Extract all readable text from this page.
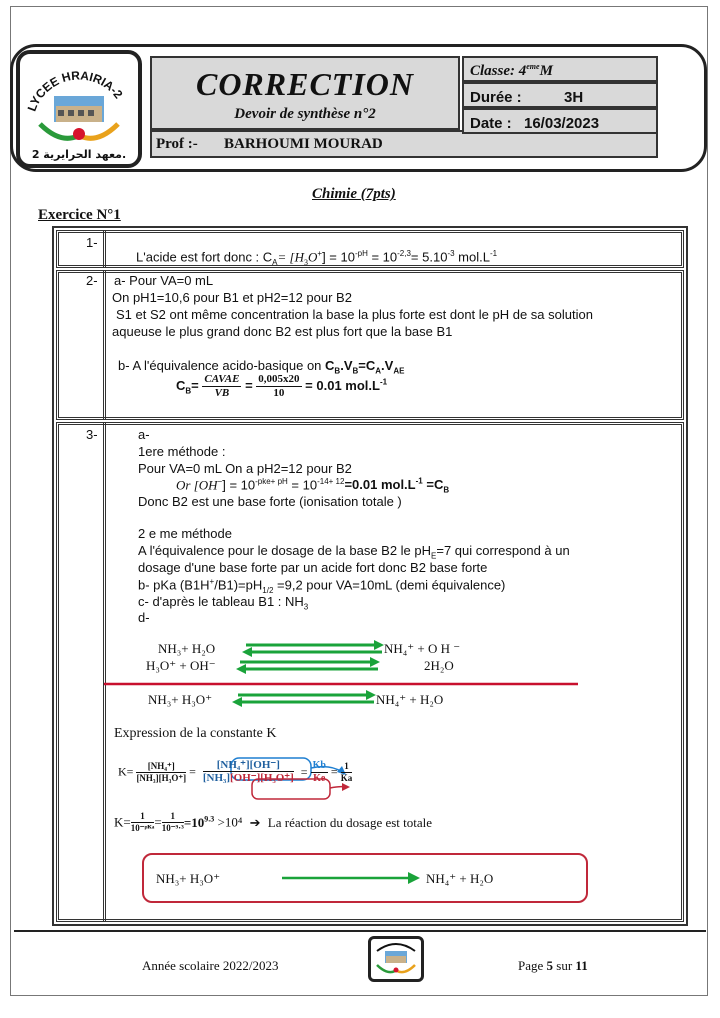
LYCEE HRAIRIA-2
معهد الحرايرية 2.
CORRECTION
Devoir de synthèse n°2
Prof :- BARHOUMI MOURAD
Classe: 4emeM
Durée :	3H
Date : 16/03/2023
Chimie (7pts)
Exercice N°1
1-
L'acide est fort donc : $C_A= [H_3O^+] = 10^{-pH} = 10^{-2,3}= 5.10^{-3}$ $mol.L^{-1}$
2- a- Pour VA=0 mL
On pH1=10,6 pour B1 et pH2=12 pour B2
S1 et S2 ont même concentration la base la plus forte est dont le pH de sa solution
aqueuse le plus grand donc B2 est plus fort que la base B1
b- A l'équivalence acido-basique on $C_B.V_B=C_A.V_{AE}$
$C_B= \frac{\text{CAVAE}}{VB} = \frac{0,005x20}{10} = 0.01$ $mol.L^{-1}$
3-	a-
1ere méthode :
Pour VA=0 mL On a pH2=12 pour B2
Or $[OH^-] = 10^{-pke+ pH} = 10^{-14+ 12}=0.01$ $mol.L^{-1} =C_B$
Donc B2 est une base forte (ionisation totale )
2 e me méthode
A l'équivalence pour le dosage de la base B2 le $pH_E=7$ qui correspond à un
dosage d'une base forte par un acide fort donc B2 base forte
b- pKa $(B1H^+/B1)=pH_{1/2} =9,2$ pour VA=10mL (demi équivalence)
c- d'après le tableau B1 : $NH_3$
d-
NH₃+ H₂O	NH₄⁺ + O H ⁻
H₃O⁺ + OH⁻	2H₂O
NH₃+ H₃O⁺	NH₄⁺ + H₂O
Expression de la constante K
$K= \frac{\text{[NH₄⁺]}}{\text{[NH₃][H₃O⁺]}} = \frac{\text{[NH₄⁺][OH⁻]}}{\text{[NH₃][OH⁻][H₃O⁺]}} = \frac{Kb}{Ke} = \frac{1}{Ka}$
$K= \frac{1}{\text{10⁻ᵖᴷᵃ}} = \frac{1}{\text{10⁻⁹·³}} =10^{9.3} >10^4$ ➔ La réaction du dosage est totale
NH₃+ H₃O⁺	NH₄⁺ + H₂O
Année scolaire 2022/2023	Page 5 sur 11
